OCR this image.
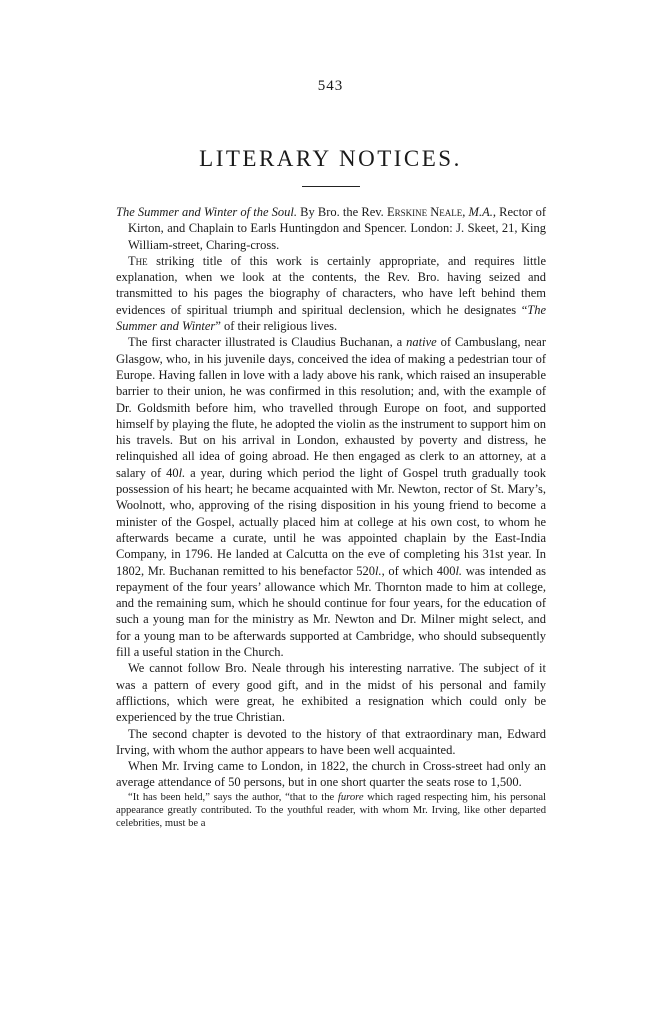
543
LITERARY NOTICES.

The Summer and Winter of the Soul. By Bro. the Rev. Erskine Neale, M.A., Rector of Kirton, and Chaplain to Earls Huntingdon and Spencer. London: J. Skeet, 21, King William-street, Charing-cross.

The striking title of this work is certainly appropriate, and requires little explanation, when we look at the contents, the Rev. Bro. having seized and transmitted to his pages the biography of characters, who have left behind them evidences of spiritual triumph and spiritual declension, which he designates “The Summer and Winter” of their religious lives.

The first character illustrated is Claudius Buchanan, a native of Cambuslang, near Glasgow, who, in his juvenile days, conceived the idea of making a pedestrian tour of Europe. Having fallen in love with a lady above his rank, which raised an insuperable barrier to their union, he was confirmed in this resolution; and, with the example of Dr. Goldsmith before him, who travelled through Europe on foot, and supported himself by playing the flute, he adopted the violin as the instrument to support him on his travels. But on his arrival in London, exhausted by poverty and distress, he relinquished all idea of going abroad. He then engaged as clerk to an attorney, at a salary of 40l. a year, during which period the light of Gospel truth gradually took possession of his heart; he became acquainted with Mr. Newton, rector of St. Mary’s, Woolnott, who, approving of the rising disposition in his young friend to become a minister of the Gospel, actually placed him at college at his own cost, to whom he afterwards became a curate, until he was appointed chaplain by the East-India Company, in 1796. He landed at Calcutta on the eve of completing his 31st year. In 1802, Mr. Buchanan remitted to his benefactor 520l., of which 400l. was intended as repayment of the four years’ allowance which Mr. Thornton made to him at college, and the remaining sum, which he should continue for four years, for the education of such a young man for the ministry as Mr. Newton and Dr. Milner might select, and for a young man to be afterwards supported at Cambridge, who should subsequently fill a useful station in the Church.

We cannot follow Bro. Neale through his interesting narrative. The subject of it was a pattern of every good gift, and in the midst of his personal and family afflictions, which were great, he exhibited a resignation which could only be experienced by the true Christian.

The second chapter is devoted to the history of that extraordinary man, Edward Irving, with whom the author appears to have been well acquainted.

When Mr. Irving came to London, in 1822, the church in Cross-street had only an average attendance of 50 persons, but in one short quarter the seats rose to 1,500.

“It has been held,” says the author, “that to the furore which raged respecting him, his personal appearance greatly contributed. To the youthful reader, with whom Mr. Irving, like other departed celebrities, must be a
